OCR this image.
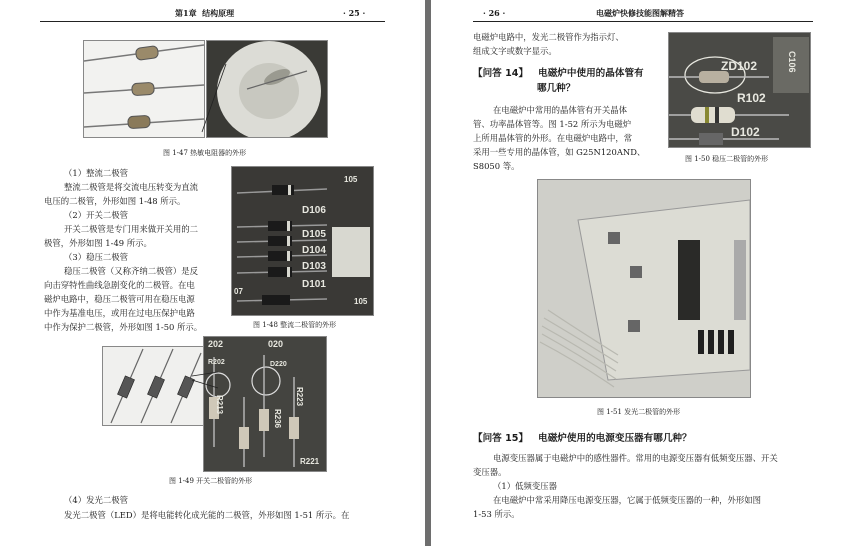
第1章 结构原理	· 25 ·
图 1-47 热敏电阻器的外形
（1）整流二极管
整流二极管是将交流电压转变为直流
电压的二极管，外形如图 1-48 所示。
（2）开关二极管
开关二极管是专门用来做开关用的二
极管，外形如图 1-49 所示。
（3）稳压二极管
稳压二极管（又称齐纳二极管）是反
向击穿特性曲线急剧变化的二极管。在电
磁炉电路中，稳压二极管可用在稳压电源
中作为基准电压，或用在过电压保护电路
中作为保护二极管，外形如图 1-50 所示。
D106
105
D105
D104
D103
D101
105
07
图 1-48 整流二极管的外形
202	020
R213
R236
R223
R221
D220
R202
图 1-49 开关二极管的外形
（4）发光二极管
发光二极管（LED）是将电能转化成光能的二极管，外形如图 1-51 所示。在
· 26 ·	电磁炉快修技能图解精答
电磁炉电路中，发光二极管作为指示灯、
组成文字或数字显示。
【问答 14】 电磁炉中使用的晶体管有
哪几种？
在电磁炉中常用的晶体管有开关晶体
管、功率晶体管等。图 1-52 所示为电磁炉
上所用晶体管的外形。在电磁炉电路中，常
采用一些专用的晶体管，如 G25N120AND、
S8050 等。
ZD102
R102
D102
C106
图 1-50 稳压二极管的外形
图 1-51 发光二极管的外形
【问答 15】 电磁炉使用的电源变压器有哪几种？
电源变压器属于电磁炉中的感性器件。常用的电源变压器有低频变压器、开关
变压器。
（1）低频变压器
在电磁炉中常采用降压电源变压器，它属于低频变压器的一种，外形如图
1-53 所示。
